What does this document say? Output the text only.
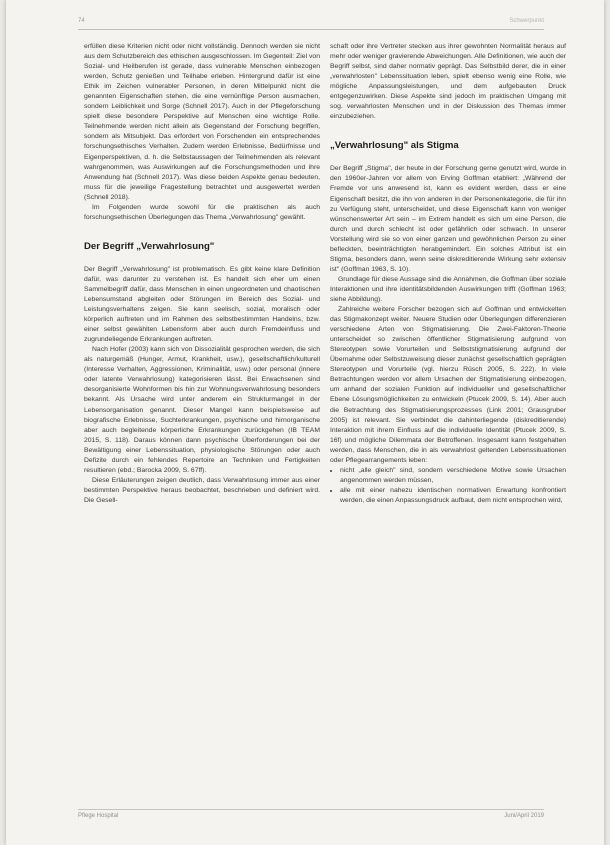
74	Schwerpunkt

erfüllen diese Kriterien nicht oder nicht vollständig. Dennoch werden sie nicht aus dem Schutzbereich des ethischen ausgeschlossen. Im Gegenteil: Ziel von Sozial- und Heilberufen ist gerade, dass vulnerable Menschen einbezogen werden, Schutz genießen und Teilhabe erleben. Hintergrund dafür ist eine Ethik im Zeichen vulnerabler Personen, in deren Mittelpunkt nicht die genannten Eigenschaften stehen, die eine vernünftige Person ausmachen, sondern Leiblichkeit und Sorge (Schnell 2017). Auch in der Pflegeforschung spielt diese besondere Perspektive auf Menschen eine wichtige Rolle. Teilnehmende werden nicht allein als Gegenstand der Forschung begriffen, sondern als Mitsubjekt. Das erfordert von Forschenden ein entsprechendes forschungsethisches Verhalten. Zudem werden Erlebnisse, Bedürfnisse und Eigenperspektiven, d. h. die Selbstaussagen der Teilnehmenden als relevant wahrgenommen, was Auswirkungen auf die Forschungsmethoden und ihre Anwendung hat (Schnell 2017). Was diese beiden Aspekte genau bedeuten, muss für die jeweilige Fragestellung betrachtet und ausgewertet werden (Schnell 2018).

Im Folgenden wurde sowohl für die praktischen als auch forschungsethischen Überlegungen das Thema „Verwahrlosung" gewählt.

Der Begriff „Verwahrlosung"

Der Begriff „Verwahrlosung" ist problematisch. Es gibt keine klare Definition dafür, was darunter zu verstehen ist. Es handelt sich eher um einen Sammelbegriff dafür, dass Menschen in einen ungeordneten und chaotischen Lebensumstand abgleiten oder Störungen im Bereich des Sozial- und Leistungsverhaltens zeigen. Sie kann seelisch, sozial, moralisch oder körperlich auftreten und im Rahmen des selbstbestimmten Handelns, bzw. einer selbst gewählten Lebensform aber auch durch Fremdeinfluss und zugrundeliegende Erkrankungen auftreten.

Nach Hofer (2003) kann sich von Dissozialität gesprochen werden, die sich als naturgemäß (Hunger, Armut, Krankheit, usw.), gesellschaftlich/kulturell (Interesse Verhalten, Aggressionen, Kriminalität, usw.) oder personal (innere oder latente Verwahrlosung) kategorisieren lässt. Bei Erwachsenen sind desorganisierte Wohnformen bis hin zur Wohnungsverwahrlosung besonders bekannt. Als Ursache wird unter anderem ein Strukturmangel in der Lebensorganisation genannt. Dieser Mangel kann beispielsweise auf biografische Erlebnisse, Suchterkrankungen, psychische und hirnorganische aber auch begleitende körperliche Erkrankungen zurückgehen (IB TEAM 2015, S. 118). Daraus können dann psychische Überforderungen bei der Bewältigung einer Lebenssituation, physiologische Störungen oder auch Defizite durch ein fehlendes Repertoire an Techniken und Fertigkeiten resultieren (ebd.; Barocka 2009, S. 67ff).

Diese Erläuterungen zeigen deutlich, dass Verwahrlosung immer aus einer bestimmten Perspektive heraus beobachtet, beschrieben und definiert wird. Die Gesell-

schaft oder ihre Vertreter stecken aus ihrer gewohnten Normalität heraus auf mehr oder weniger gravierende Abweichungen. Alle Definitionen, wie auch der Begriff selbst, sind daher normativ geprägt. Das Selbstbild derer, die in einer „verwahrlosten" Lebenssituation leben, spielt ebenso wenig eine Rolle, wie mögliche Anpassungsleistungen, und dem aufgebauten Druck entgegenzuwirken. Diese Aspekte sind jedoch im praktischen Umgang mit sog. verwahrlosten Menschen und in der Diskussion des Themas immer einzubeziehen.

„Verwahrlosung" als Stigma

Der Begriff „Stigma", der heute in der Forschung gerne genutzt wird, wurde in den 1960er-Jahren vor allem von Erving Goffman etabliert: „Während der Fremde vor uns anwesend ist, kann es evident werden, dass er eine Eigenschaft besitzt, die ihn von anderen in der Personenkategorie, die für ihn zu Verfügung steht, unterscheidet, und diese Eigenschaft kann von weniger wünschenswerter Art sein – im Extrem handelt es sich um eine Person, die durch und durch schlecht ist oder gefährlich oder schwach. In unserer Vorstellung wird sie so von einer ganzen und gewöhnlichen Person zu einer befleckten, beeinträchtigten herabgemindert. Ein solches Attribut ist ein Stigma, besonders dann, wenn seine diskreditierende Wirkung sehr extensiv ist" (Goffman 1963, S. 10).

Grundlage für diese Aussage sind die Annahmen, die Goffman über soziale Interaktionen und ihre identitätsbildenden Auswirkungen trifft (Goffman 1963; siehe Abbildung).

Zahlreiche weitere Forscher bezogen sich auf Goffman und entwickelten das Stigmakonzept weiter. Neuere Studien oder Überlegungen differenzieren verschiedene Arten von Stigmatisierung. Die Zwei-Faktoren-Theorie unterscheidet so zwischen öffentlicher Stigmatisierung aufgrund von Stereotypen sowie Vorurteilen und Selbststigmatisierung aufgrund der Übernahme oder Selbstzuweisung dieser zunächst gesellschaftlich geprägten Stereotypen und Vorurteile (vgl. hierzu Rüsch 2005, S. 222). In viele Betrachtungen werden vor allem Ursachen der Stigmatisierung einbezogen, um anhand der sozialen Funktion auf individueller und gesellschaftlicher Ebene Lösungsmöglichkeiten zu entwickeln (Ptucek 2009, S. 14). Aber auch die Betrachtung des Stigmatisierungsprozesses (Link 2001; Grausgruber 2005) ist relevant. Sie verbindet die dahinterliegende (diskreditierende) Interaktion mit ihrem Einfluss auf die individuelle Identität (Ptucek 2009, S. 16f) und mögliche Dilemmata der Betroffenen. Insgesamt kann festgehalten werden, dass Menschen, die in als verwahrlost geltenden Lebenssituationen oder Pflegearrangements leben:

• nicht „alle gleich" sind, sondern verschiedene Motive sowie Ursachen angenommen werden müssen,
• alle mit einer nahezu identischen normativen Erwartung konfrontiert werden, die einen Anpassungsdruck aufbaut, dem nicht entsprochen wird,
Pflege Hospital	Juni/April 2019
